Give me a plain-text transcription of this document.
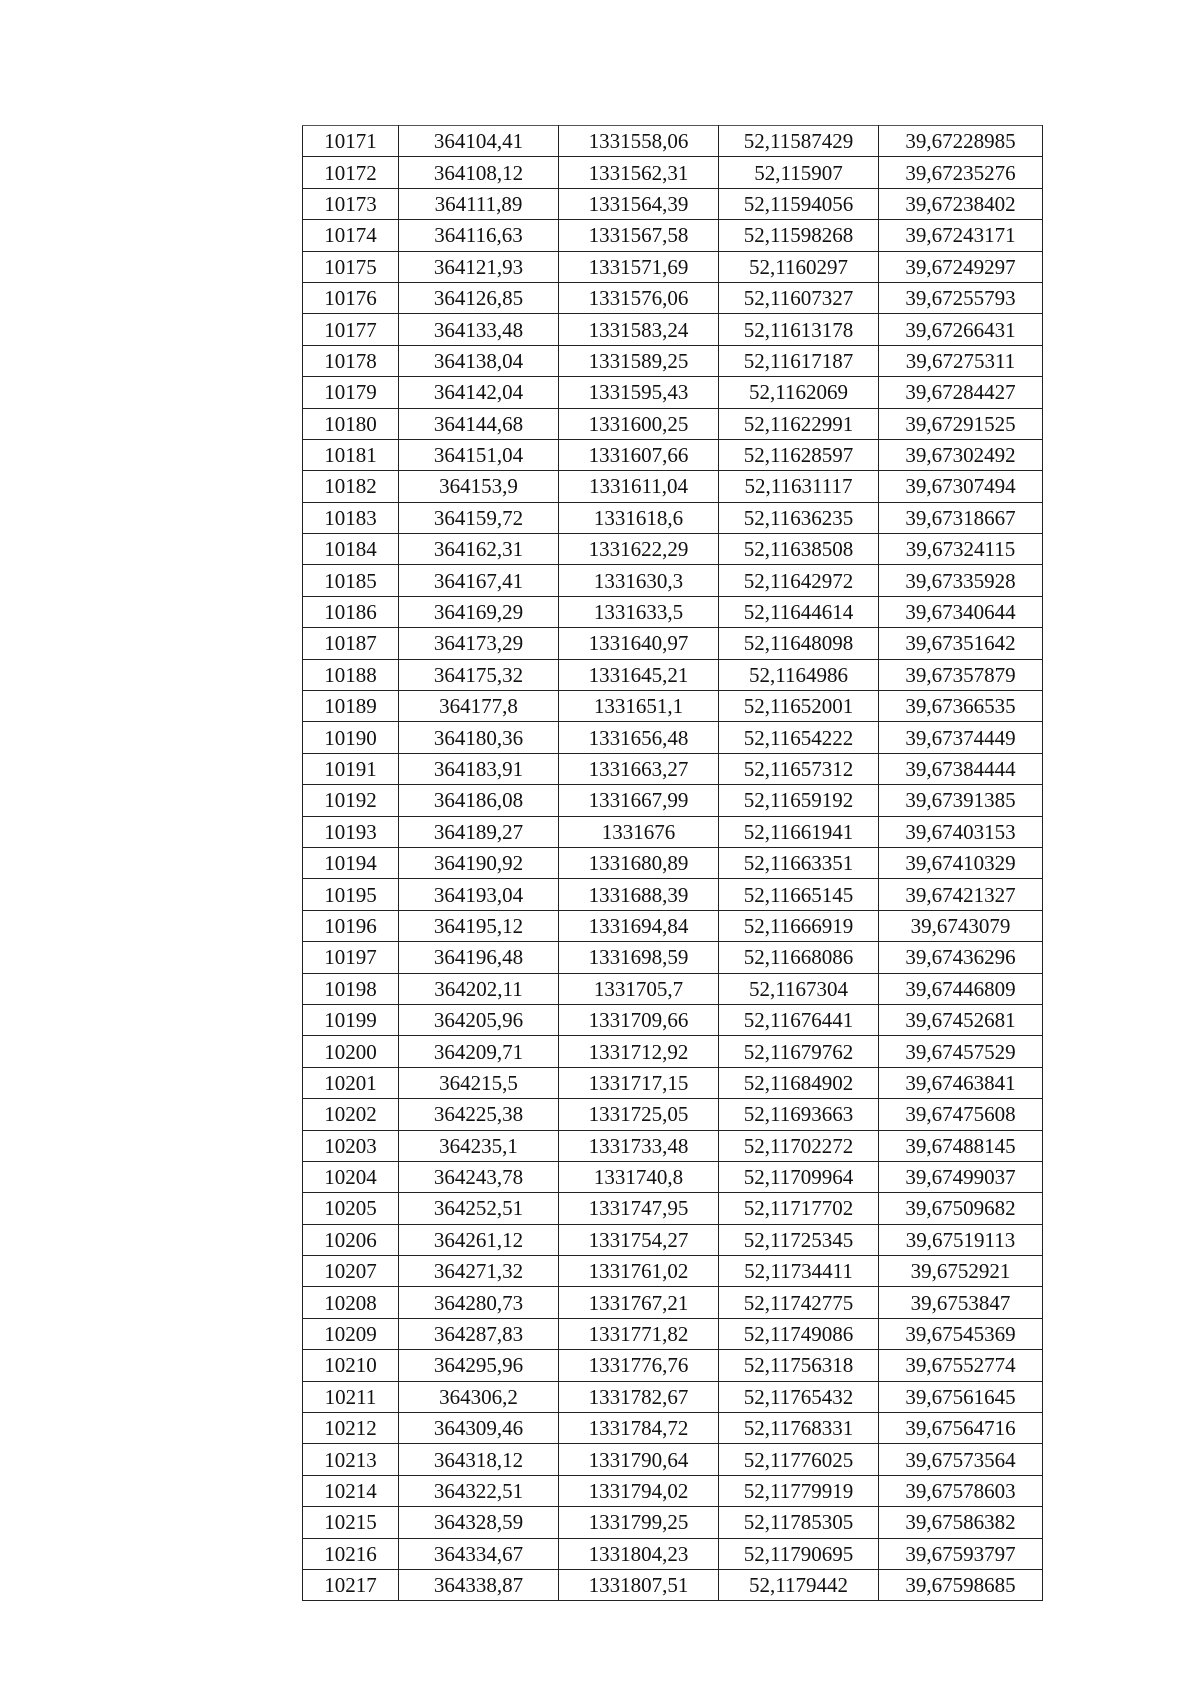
10171	364104,41	1331558,06	52,11587429	39,67228985
10172	364108,12	1331562,31	52,115907	39,67235276
10173	364111,89	1331564,39	52,11594056	39,67238402
10174	364116,63	1331567,58	52,11598268	39,67243171
10175	364121,93	1331571,69	52,1160297	39,67249297
10176	364126,85	1331576,06	52,11607327	39,67255793
10177	364133,48	1331583,24	52,11613178	39,67266431
10178	364138,04	1331589,25	52,11617187	39,67275311
10179	364142,04	1331595,43	52,1162069	39,67284427
10180	364144,68	1331600,25	52,11622991	39,67291525
10181	364151,04	1331607,66	52,11628597	39,67302492
10182	364153,9	1331611,04	52,11631117	39,67307494
10183	364159,72	1331618,6	52,11636235	39,67318667
10184	364162,31	1331622,29	52,11638508	39,67324115
10185	364167,41	1331630,3	52,11642972	39,67335928
10186	364169,29	1331633,5	52,11644614	39,67340644
10187	364173,29	1331640,97	52,11648098	39,67351642
10188	364175,32	1331645,21	52,1164986	39,67357879
10189	364177,8	1331651,1	52,11652001	39,67366535
10190	364180,36	1331656,48	52,11654222	39,67374449
10191	364183,91	1331663,27	52,11657312	39,67384444
10192	364186,08	1331667,99	52,11659192	39,67391385
10193	364189,27	1331676	52,11661941	39,67403153
10194	364190,92	1331680,89	52,11663351	39,67410329
10195	364193,04	1331688,39	52,11665145	39,67421327
10196	364195,12	1331694,84	52,11666919	39,6743079
10197	364196,48	1331698,59	52,11668086	39,67436296
10198	364202,11	1331705,7	52,1167304	39,67446809
10199	364205,96	1331709,66	52,11676441	39,67452681
10200	364209,71	1331712,92	52,11679762	39,67457529
10201	364215,5	1331717,15	52,11684902	39,67463841
10202	364225,38	1331725,05	52,11693663	39,67475608
10203	364235,1	1331733,48	52,11702272	39,67488145
10204	364243,78	1331740,8	52,11709964	39,67499037
10205	364252,51	1331747,95	52,11717702	39,67509682
10206	364261,12	1331754,27	52,11725345	39,67519113
10207	364271,32	1331761,02	52,11734411	39,6752921
10208	364280,73	1331767,21	52,11742775	39,6753847
10209	364287,83	1331771,82	52,11749086	39,67545369
10210	364295,96	1331776,76	52,11756318	39,67552774
10211	364306,2	1331782,67	52,11765432	39,67561645
10212	364309,46	1331784,72	52,11768331	39,67564716
10213	364318,12	1331790,64	52,11776025	39,67573564
10214	364322,51	1331794,02	52,11779919	39,67578603
10215	364328,59	1331799,25	52,11785305	39,67586382
10216	364334,67	1331804,23	52,11790695	39,67593797
10217	364338,87	1331807,51	52,1179442	39,67598685
